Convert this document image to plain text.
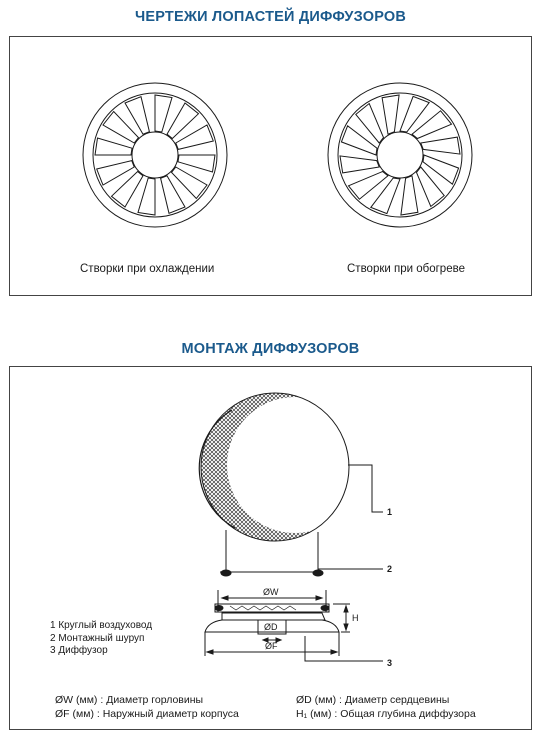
ЧЕРТЕЖИ ЛОПАСТЕЙ ДИФФУЗОРОВ
МОНТАЖ ДИФФУЗОРОВ
1
2
3
ØW
ØD
ØF
H
Створки при охлаждении	Створки при обогреве
1 Круглый воздуховод
2 Монтажный шуруп
3 Диффузор
ØW (мм) : Диаметр горловины
ØF (мм) : Наружный диаметр корпуса
ØD (мм) : Диаметр сердцевины
H₁ (мм) : Общая глубина диффузора
